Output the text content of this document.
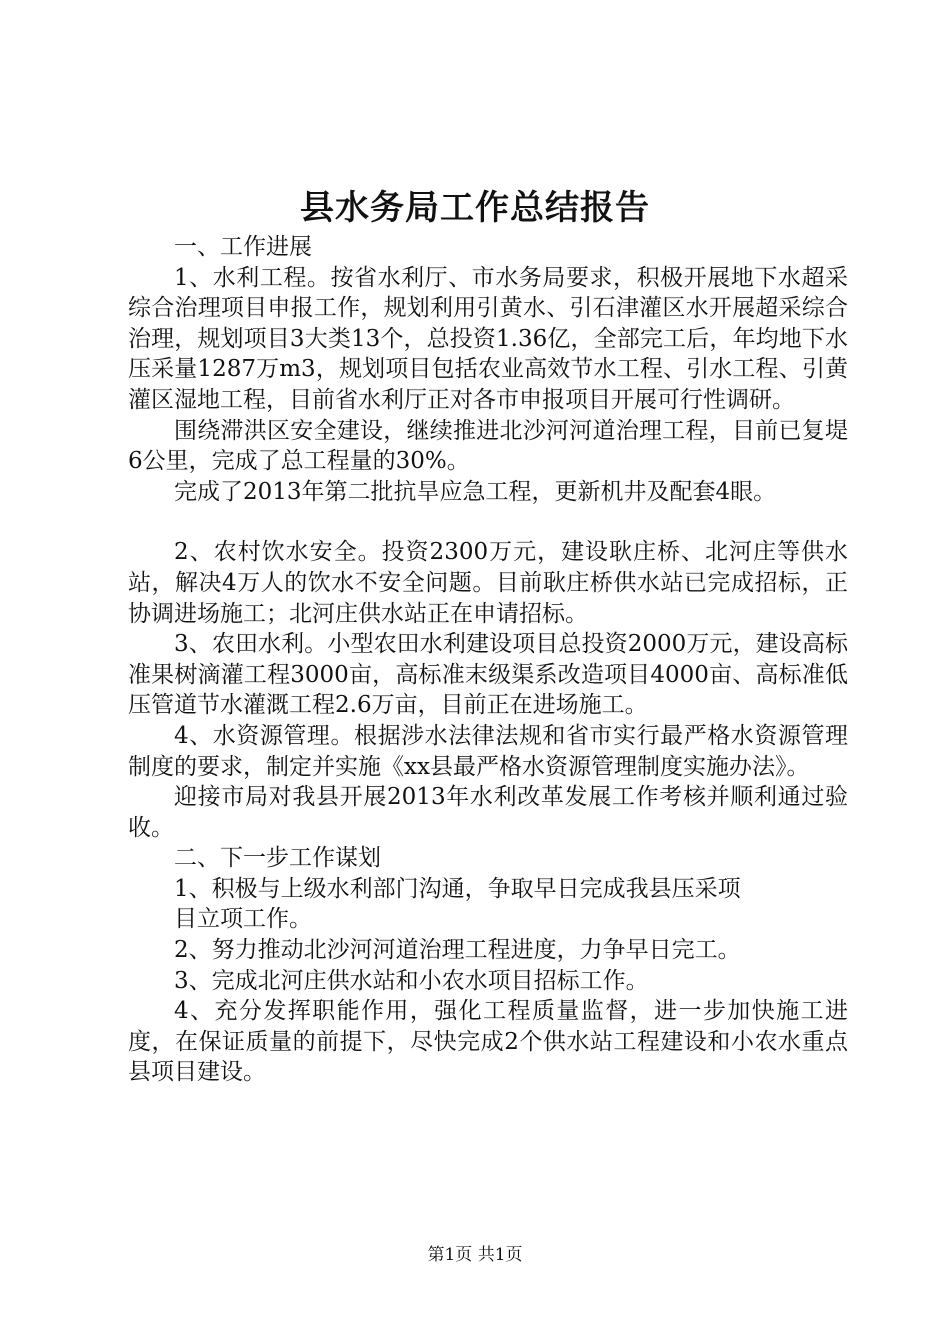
县水务局工作总结报告

一、工作进展

1、水利工程。按省水利厅、市水务局要求，积极开展地下水超采综合治理项目申报工作，规划利用引黄水、引石津灌区水开展超采综合治理，规划项目3大类13个，总投资1.36亿，全部完工后，年均地下水压采量1287万m3，规划项目包括农业高效节水工程、引水工程、引黄灌区湿地工程，目前省水利厅正对各市申报项目开展可行性调研。

围绕滞洪区安全建设，继续推进北沙河河道治理工程，目前已复堤6公里，完成了总工程量的30%。

完成了2013年第二批抗旱应急工程，更新机井及配套4眼。

2、农村饮水安全。投资2300万元，建设耿庄桥、北河庄等供水站，解决4万人的饮水不安全问题。目前耿庄桥供水站已完成招标，正协调进场施工；北河庄供水站正在申请招标。

3、农田水利。小型农田水利建设项目总投资2000万元，建设高标准果树滴灌工程3000亩，高标准末级渠系改造项目4000亩、高标准低压管道节水灌溉工程2.6万亩，目前正在进场施工。

4、水资源管理。根据涉水法律法规和省市实行最严格水资源管理制度的要求，制定并实施《xx县最严格水资源管理制度实施办法》。

迎接市局对我县开展2013年水利改革发展工作考核并顺利通过验收。

二、下一步工作谋划

1、积极与上级水利部门沟通，争取早日完成我县压采项

目立项工作。

2、努力推动北沙河河道治理工程进度，力争早日完工。

3、完成北河庄供水站和小农水项目招标工作。

4、充分发挥职能作用，强化工程质量监督，进一步加快施工进度，在保证质量的前提下，尽快完成2个供水站工程建设和小农水重点县项目建设。

第1页 共1页
